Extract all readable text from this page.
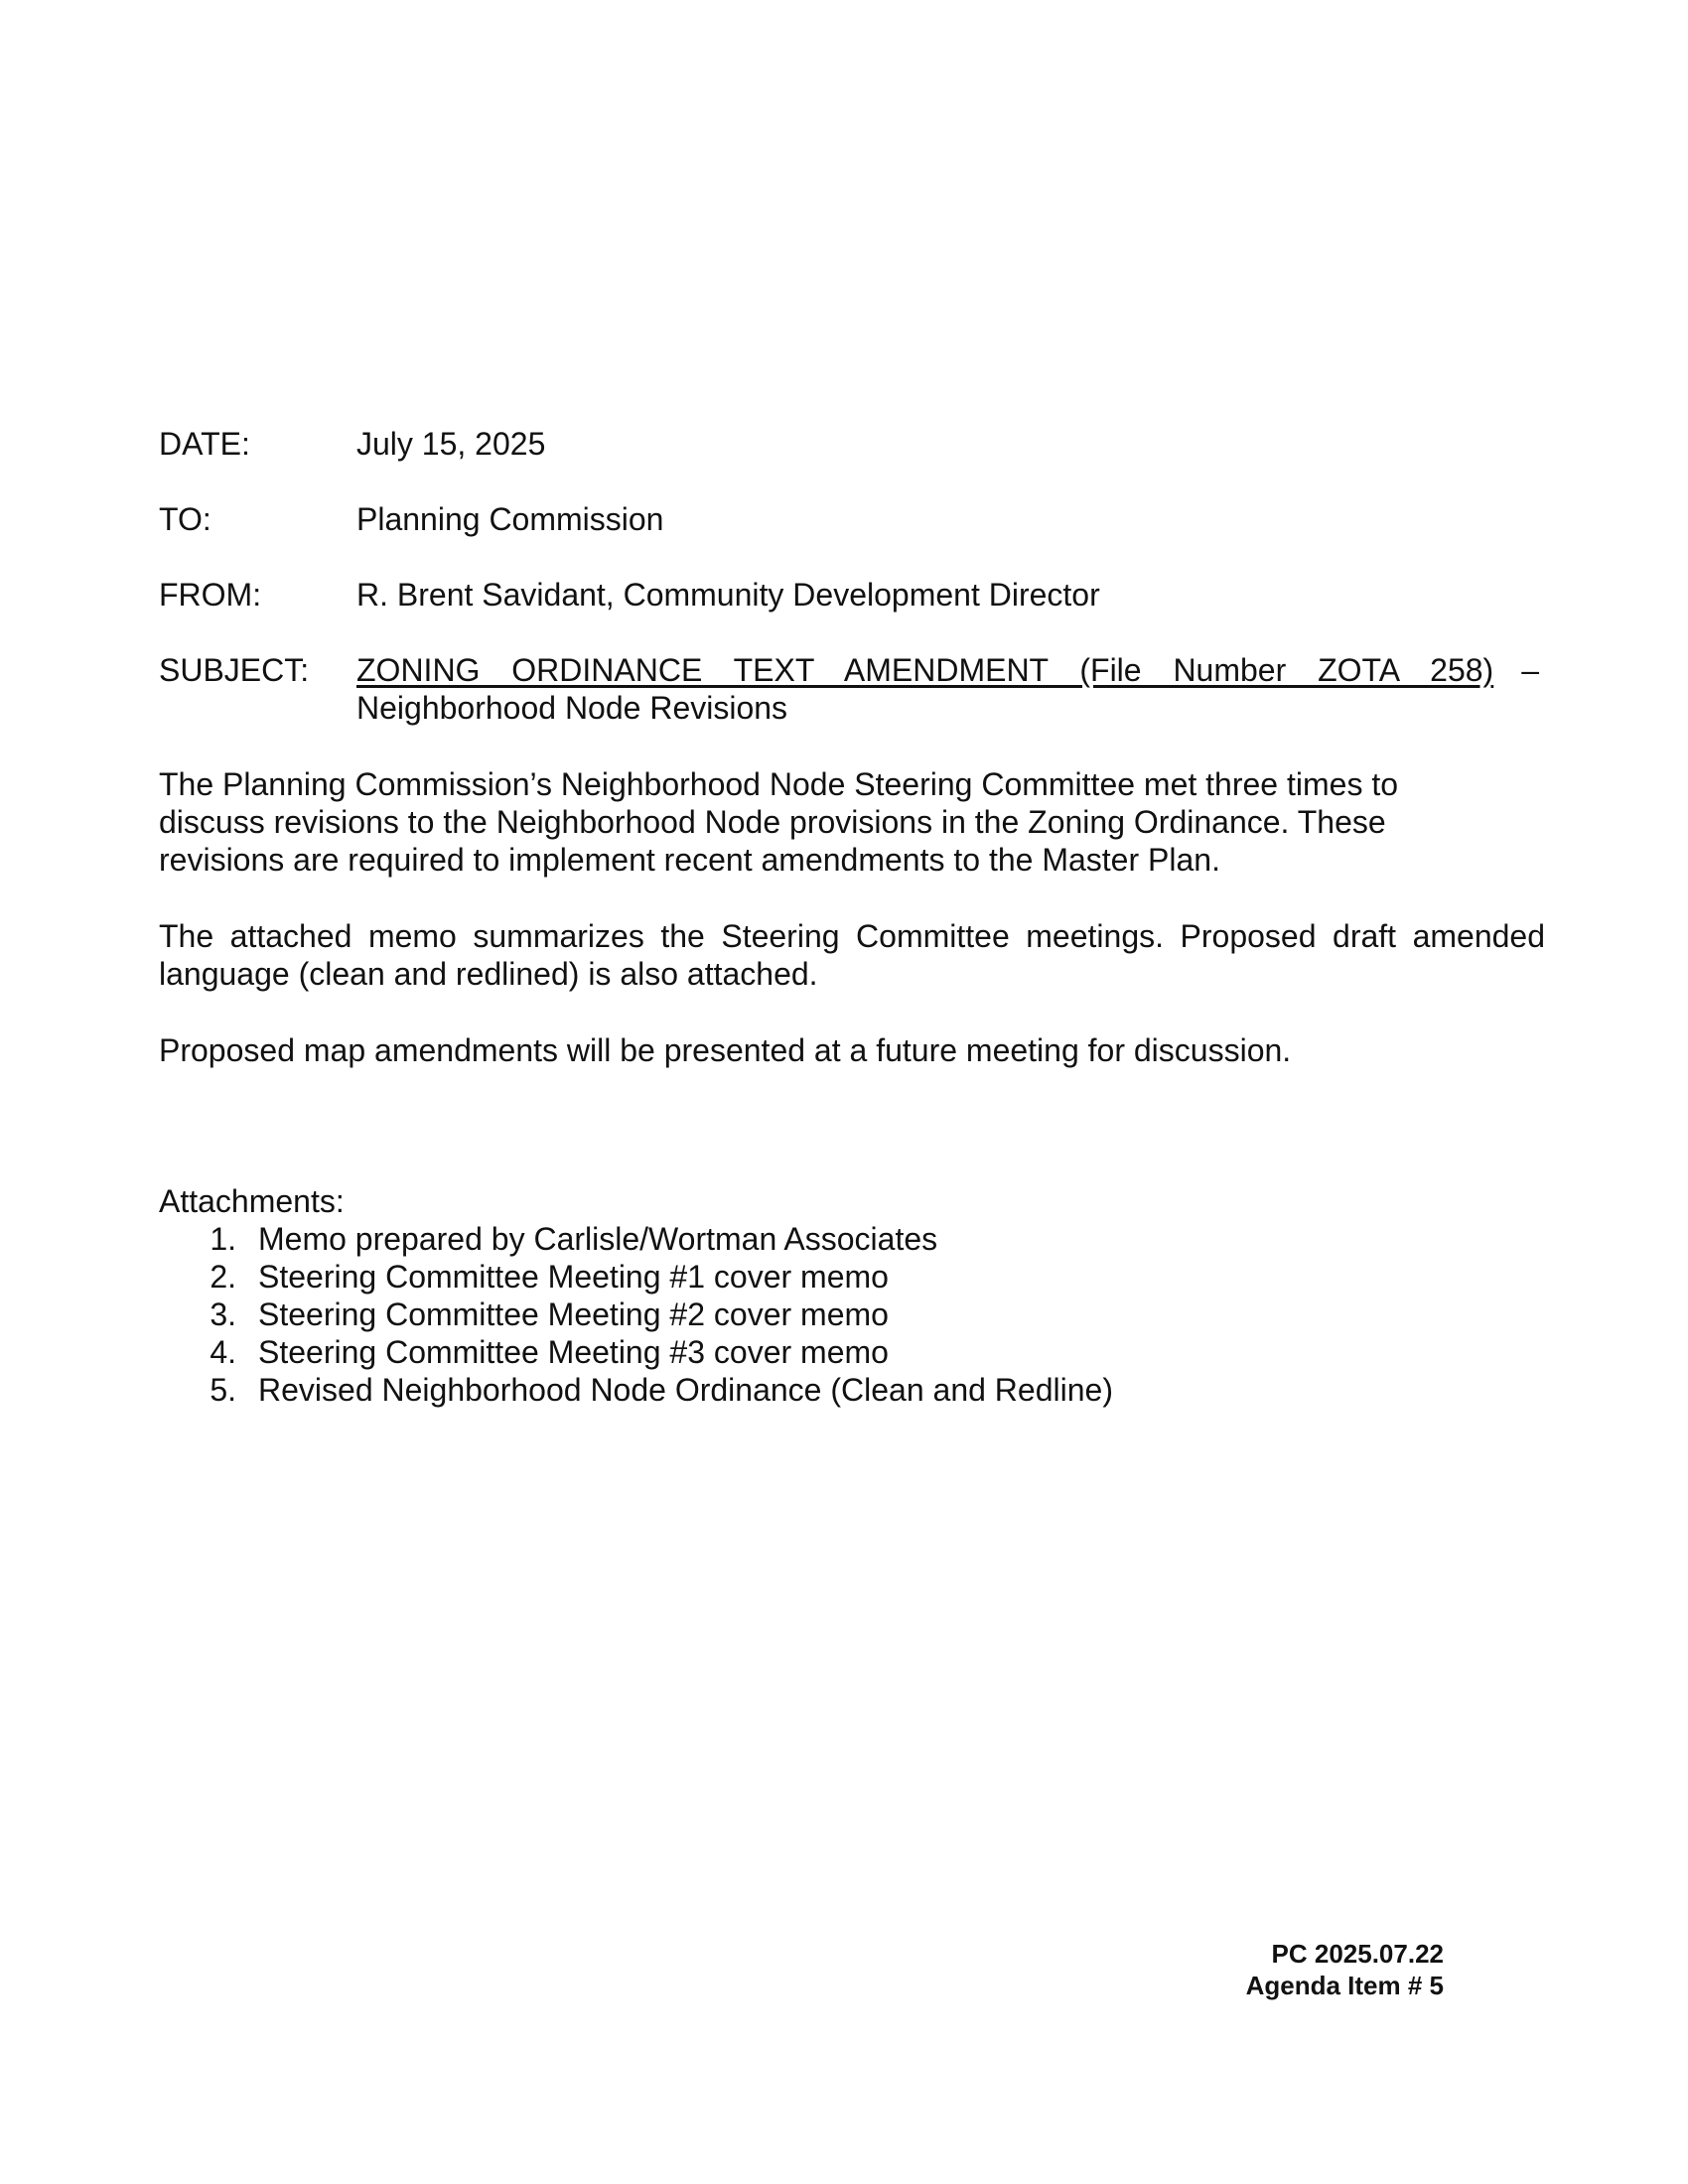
DATE:	July 15, 2025
TO:	Planning Commission
FROM:	R. Brent Savidant, Community Development Director
SUBJECT:	ZONING ORDINANCE TEXT AMENDMENT (File Number ZOTA 258) –
Neighborhood Node Revisions
The Planning Commission’s Neighborhood Node Steering Committee met three times to
discuss revisions to the Neighborhood Node provisions in the Zoning Ordinance. These
revisions are required to implement recent amendments to the Master Plan.
The attached memo summarizes the Steering Committee meetings. Proposed draft amended
language (clean and redlined) is also attached.
Proposed map amendments will be presented at a future meeting for discussion.
Attachments:
1. Memo prepared by Carlisle/Wortman Associates
2. Steering Committee Meeting #1 cover memo
3. Steering Committee Meeting #2 cover memo
4. Steering Committee Meeting #3 cover memo
5. Revised Neighborhood Node Ordinance (Clean and Redline)
PC 2025.07.22
Agenda Item # 5
